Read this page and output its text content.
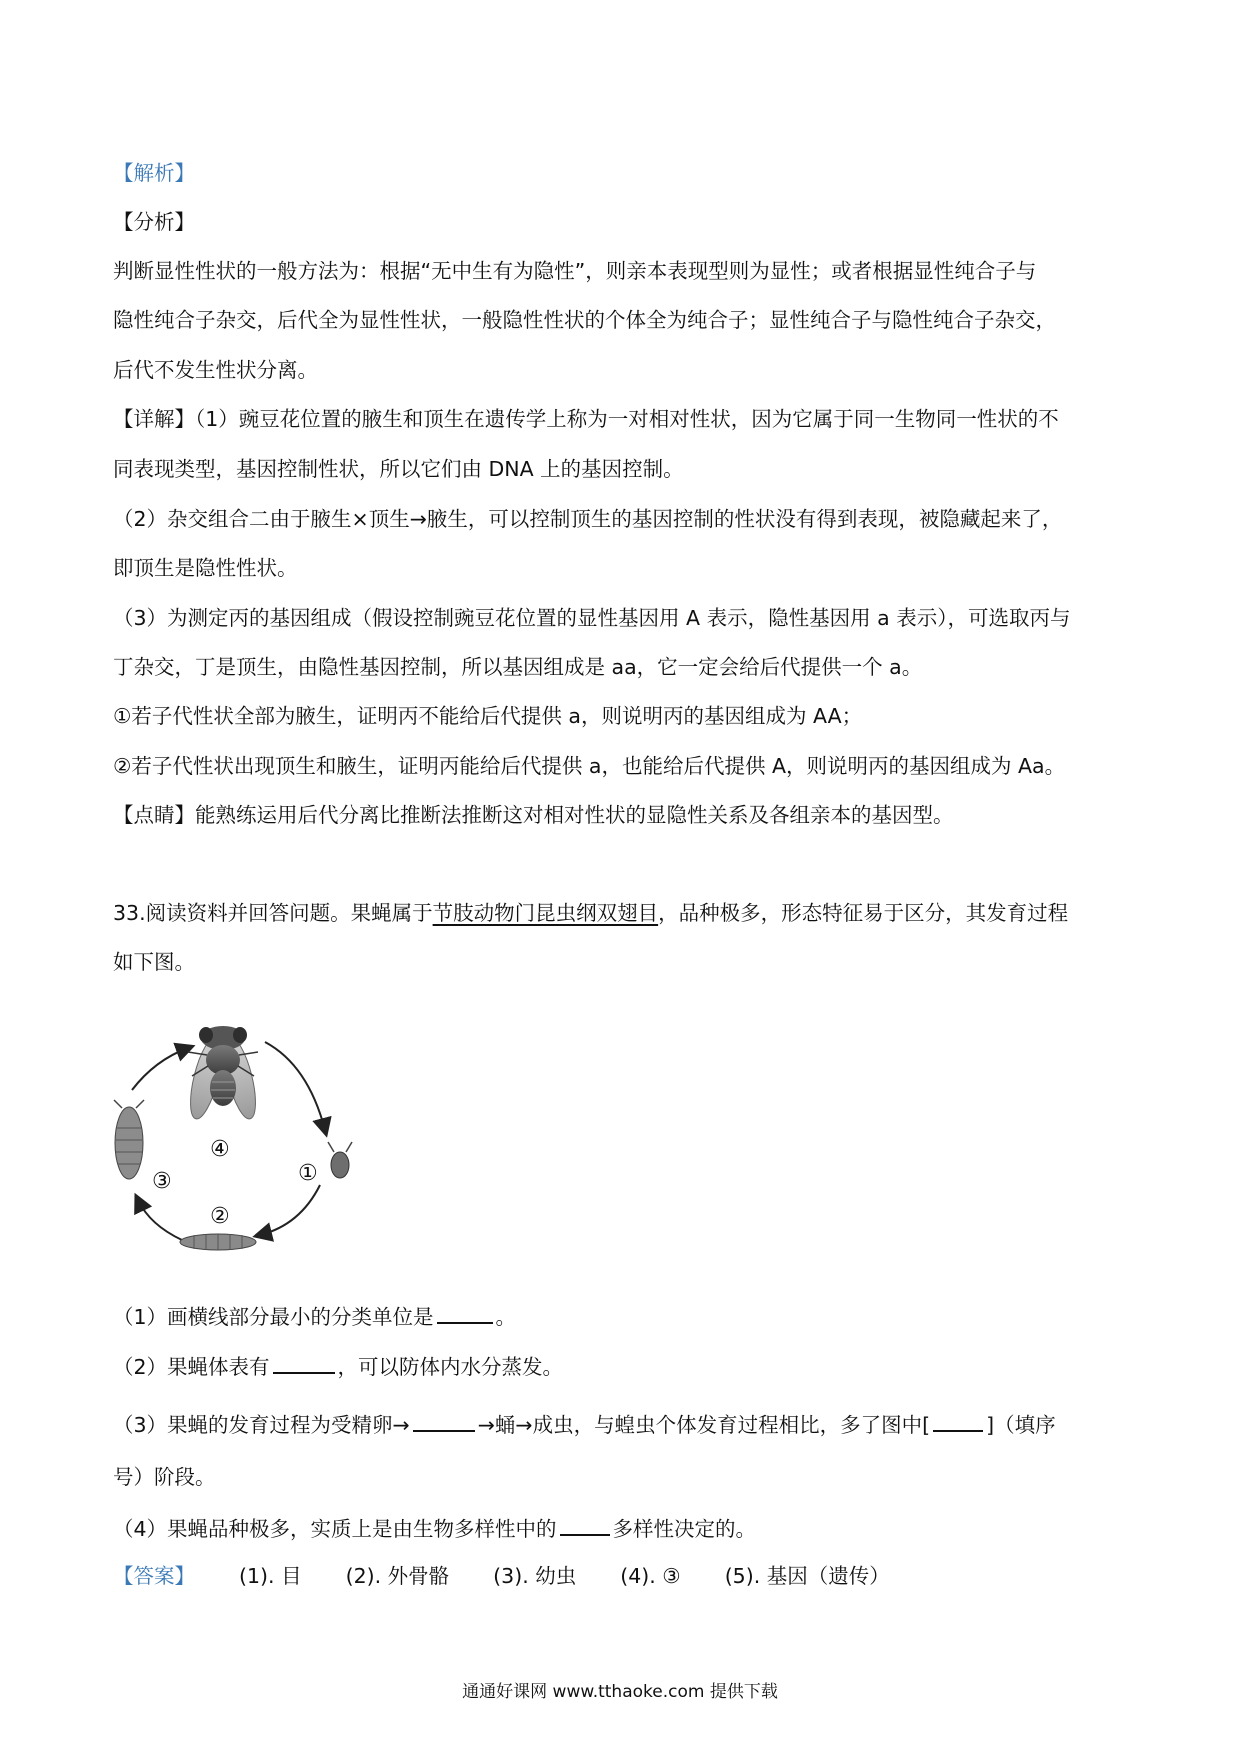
【解析】
【分析】
判断显性性状的一般方法为：根据“无中生有为隐性”，则亲本表现型则为显性；或者根据显性纯合子与
隐性纯合子杂交，后代全为显性性状，一般隐性性状的个体全为纯合子；显性纯合子与隐性纯合子杂交，
后代不发生性状分离。
【详解】（1）豌豆花位置的腋生和顶生在遗传学上称为一对相对性状，因为它属于同一生物同一性状的不
同表现类型，基因控制性状，所以它们由 DNA 上的基因控制。
（2）杂交组合二由于腋生×顶生→腋生，可以控制顶生的基因控制的性状没有得到表现，被隐藏起来了，
即顶生是隐性性状。
（3）为测定丙的基因组成（假设控制豌豆花位置的显性基因用 A 表示，隐性基因用 a 表示），可选取丙与
丁杂交，丁是顶生，由隐性基因控制，所以基因组成是 aa，它一定会给后代提供一个 a。
①若子代性状全部为腋生，证明丙不能给后代提供 a，则说明丙的基因组成为 AA；
②若子代性状出现顶生和腋生，证明丙能给后代提供 a，也能给后代提供 A，则说明丙的基因组成为 Aa。
【点睛】能熟练运用后代分离比推断法推断这对相对性状的显隐性关系及各组亲本的基因型。
33.阅读资料并回答问题。果蝇属于节肢动物门昆虫纲双翅目，品种极多，形态特征易于区分，其发育过程
如下图。
④
①
②
③
（1）画横线部分最小的分类单位是	。
（2）果蝇体表有	，可以防体内水分蒸发。
（3）果蝇的发育过程为受精卵→	→蛹→成虫，与蝗虫个体发育过程相比，多了图中[	]（填序
号）阶段。
（4）果蝇品种极多，实质上是由生物多样性中的	多样性决定的。
【答案】 (1). 目 (2). 外骨骼 (3). 幼虫 (4). ③ (5). 基因（遗传）
通通好课网 www.tthaoke.com 提供下载
